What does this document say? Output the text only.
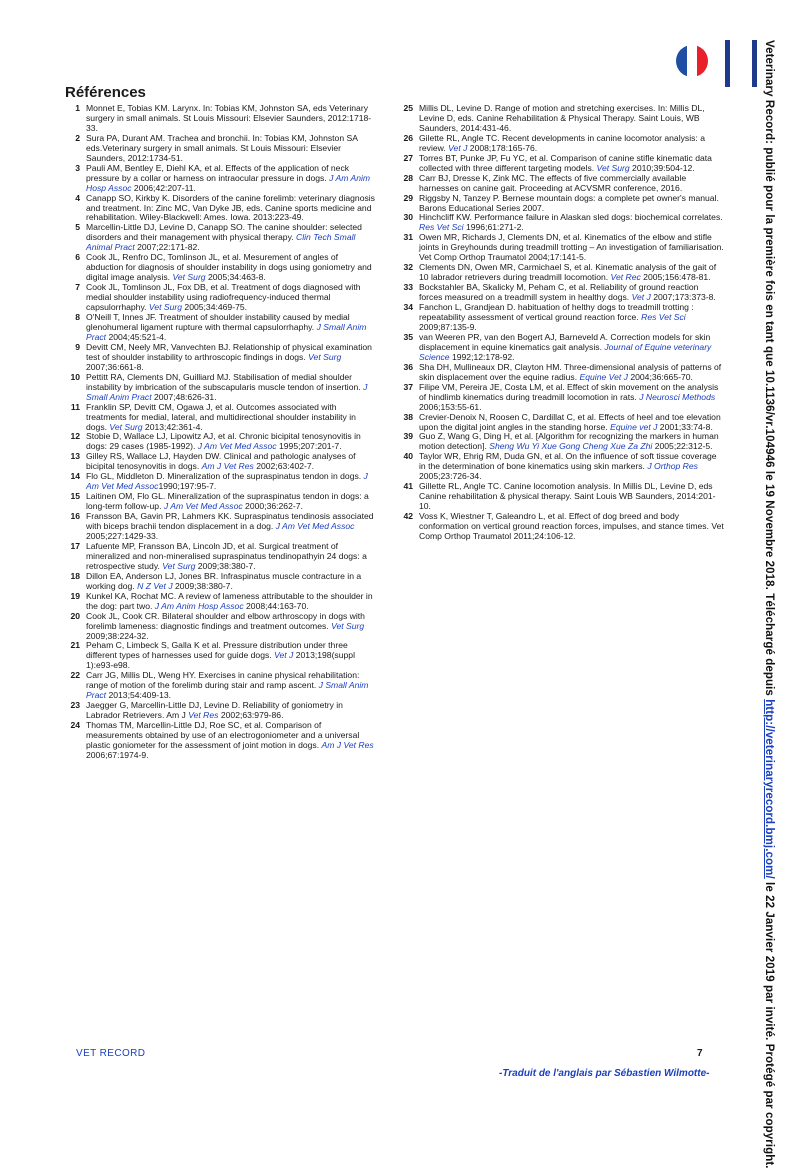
Veterinary Record: publié pour la première fois en tant que 10.1136/vr.104946 le 19 Novembre 2018. Téléchargé depuis http://veterinaryrecord.bmj.com/ le 22 Janvier 2019 par invité. Protégé par copyright.
Références
1 Monnet E, Tobias KM. Larynx. In: Tobias KM, Johnston SA, eds Veterinary surgery in small animals. St Louis Missouri: Elsevier Saunders, 2012:1718-33.
2 Sura PA, Durant AM. Trachea and bronchii. In: Tobias KM, Johnston SA eds.Veterinary surgery in small animals. St Louis Missouri: Elsevier Saunders, 2012:1734-51.
3 Pauli AM, Bentley E, Diehl KA, et al. Effects of the application of neck pressure by a collar or harness on intraocular pressure in dogs. J Am Anim Hosp Assoc 2006;42:207-11.
4 Canapp SO, Kirkby K. Disorders of the canine forelimb: veterinary diagnosis and treatment. In: Zinc MC, Van Dyke JB, eds. Canine sports medicine and rehabilitation. Wiley-Blackwell: Ames. Iowa. 2013:223-49.
5 Marcellin-Little DJ, Levine D, Canapp SO. The canine shoulder: selected disorders and their management with physical therapy. Clin Tech Small Animal Pract 2007;22:171-82.
6 Cook JL, Renfro DC, Tomlinson JL, et al. Mesurement of angles of abduction for diagnosis of shoulder instability in dogs using goniometry and digital image analysis. Vet Surg 2005;34:463-8.
7 Cook JL, Tomlinson JL, Fox DB, et al. Treatment of dogs diagnosed with medial shoulder instability using radiofrequency-induced thermal capsulorrhaphy. Vet Surg 2005;34:469-75.
8 O'Neill T, Innes JF. Treatment of shoulder instability caused by medial glenohumeral ligament rupture with thermal capsulorrhaphy. J Small Anim Pract 2004;45:521-4.
9 Devitt CM, Neely MR, Vanvechten BJ. Relationship of physical examination test of shoulder instability to arthroscopic findings in dogs. Vet Surg 2007;36:661-8.
10 Pettitt RA, Clements DN, Guilliard MJ. Stabilisation of medial shoulder instability by imbrication of the subscapularis muscle tendon of insertion. J Small Anim Pract 2007;48:626-31.
11 Franklin SP, Devitt CM, Ogawa J, et al. Outcomes associated with treatments for medial, lateral, and multidirectional shoulder instability in dogs. Vet Surg 2013;42:361-4.
12 Stobie D, Wallace LJ, Lipowitz AJ, et al. Chronic bicipital tenosynovitis in dogs: 29 cases (1985-1992). J Am Vet Med Assoc 1995;207:201-7.
13 Gilley RS, Wallace LJ, Hayden DW. Clinical and pathologic analyses of bicipital tenosynovitis in dogs. Am J Vet Res 2002;63:402-7.
14 Flo GL, Middleton D. Mineralization of the supraspinatus tendon in dogs. J Am Vet Med Assoc1990;197:95-7.
15 Laitinen OM, Flo GL. Mineralization of the supraspinatus tendon in dogs: a long-term follow-up. J Am Vet Med Assoc 2000;36:262-7.
16 Fransson BA, Gavin PR, Lahmers KK. Supraspinatus tendinosis associated with biceps brachii tendon displacement in a dog. J Am Vet Med Assoc 2005;227:1429-33.
17 Lafuente MP, Fransson BA, Lincoln JD, et al. Surgical treatment of mineralized and non-mineralised supraspinatus tendinopathyin 24 dogs: a retrospective study. Vet Surg 2009;38:380-7.
18 Dillon EA, Anderson LJ, Jones BR. Infraspinatus muscle contracture in a working dog. N Z Vet J 2009;38:380-7.
19 Kunkel KA, Rochat MC. A review of lameness attributable to the shoulder in the dog: part two. J Am Anim Hosp Assoc 2008;44:163-70.
20 Cook JL, Cook CR. Bilateral shoulder and elbow arthroscopy in dogs with forelimb lameness: diagnostic findings and treatment outcomes. Vet Surg 2009;38:224-32.
21 Peham C, Limbeck S, Galla K et al. Pressure distribution under three different types of harnesses used for guide dogs. Vet J 2013;198(suppl 1):e93-e98.
22 Carr JG, Millis DL, Weng HY. Exercises in canine physical rehabilitation: range of motion of the forelimb during stair and ramp ascent. J Small Anim Pract 2013;54:409-13.
23 Jaegger G, Marcellin-Little DJ, Levine D. Reliability of goniometry in Labrador Retrievers. Am J Vet Res 2002;63:979-86.
24 Thomas TM, Marcellin-Little DJ, Roe SC, et al. Comparison of measurements obtained by use of an electrogoniometer and a universal plastic goniometer for the assessment of joint motion in dogs. Am J Vet Res 2006;67:1974-9.
25 Millis DL, Levine D. Range of motion and stretching exercises. In: Millis DL, Levine D, eds. Canine Rehabilitation & Physical Therapy. Saint Louis, WB Saunders, 2014:431-46.
26 Gilette RL, Angle TC. Recent developments in canine locomotor analysis: a review. Vet J 2008;178:165-76.
27 Torres BT, Punke JP, Fu YC, et al. Comparison of canine stifle kinematic data collected with three different targeting models. Vet Surg 2010;39:504-12.
28 Carr BJ, Dresse K, Zink MC. The effects of five commercially available harnesses on canine gait. Proceeding at ACVSMR conference, 2016.
29 Riggsby N, Tanzey P. Bernese mountain dogs: a complete pet owner's manual. Barons Educational Series 2007.
30 Hinchcliff KW. Performance failure in Alaskan sled dogs: biochemical correlates. Res Vet Sci 1996;61:271-2.
31 Owen MR, Richards J, Clements DN, et al. Kinematics of the elbow and stifle joints in Greyhounds during treadmill trotting – An investigation of familiarisation. Vet Comp Orthop Traumatol 2004;17:141-5.
32 Clements DN, Owen MR, Carmichael S, et al. Kinematic analysis of the gait of 10 labrador retrievers during treadmill locomotion. Vet Rec 2005;156:478-81.
33 Bockstahler BA, Skalicky M, Peham C, et al. Reliability of ground reaction forces measured on a treadmill system in healthy dogs. Vet J 2007;173:373-8.
34 Fanchon L, Grandjean D. habituation of helthy dogs to treadmill trotting : repeatability assessment of vertical ground reaction force. Res Vet Sci 2009;87:135-9.
35 van Weeren PR, van den Bogert AJ, Barneveld A. Correction models for skin displacement in equine kinematics gait analysis. Journal of Equine veterinary Science 1992;12:178-92.
36 Sha DH, Mullineaux DR, Clayton HM. Three-dimensional analysis of patterns of skin displacement over the equine radius. Equine Vet J 2004;36:665-70.
37 Filipe VM, Pereira JE, Costa LM, et al. Effect of skin movement on the analysis of hindlimb kinematics during treadmill locomotion in rats. J Neurosci Methods 2006;153:55-61.
38 Crevier-Denoix N, Roosen C, Dardillat C, et al. Effects of heel and toe elevation upon the digital joint angles in the standing horse. Equine vet J 2001;33:74-8.
39 Guo Z, Wang G, Ding H, et al. [Algorithm for recognizing the markers in human motion detection]. Sheng Wu Yi Xue Gong Cheng Xue Za Zhi 2005;22:312-5.
40 Taylor WR, Ehrig RM, Duda GN, et al. On the influence of soft tissue coverage in the determination of bone kinematics using skin markers. J Orthop Res 2005;23:726-34.
41 Gillette RL, Angle TC. Canine locomotion analysis. In Millis DL, Levine D, eds Canine rehabilitation & physical therapy. Saint Louis WB Saunders, 2014:201-10.
42 Voss K, Wiestner T, Galeandro L, et al. Effect of dog breed and body conformation on vertical ground reaction forces, impulses, and stance times. Vet Comp Orthop Traumatol 2011;24:106-12.
VET RECORD	7
-Traduit de l'anglais par Sébastien Wilmotte-
